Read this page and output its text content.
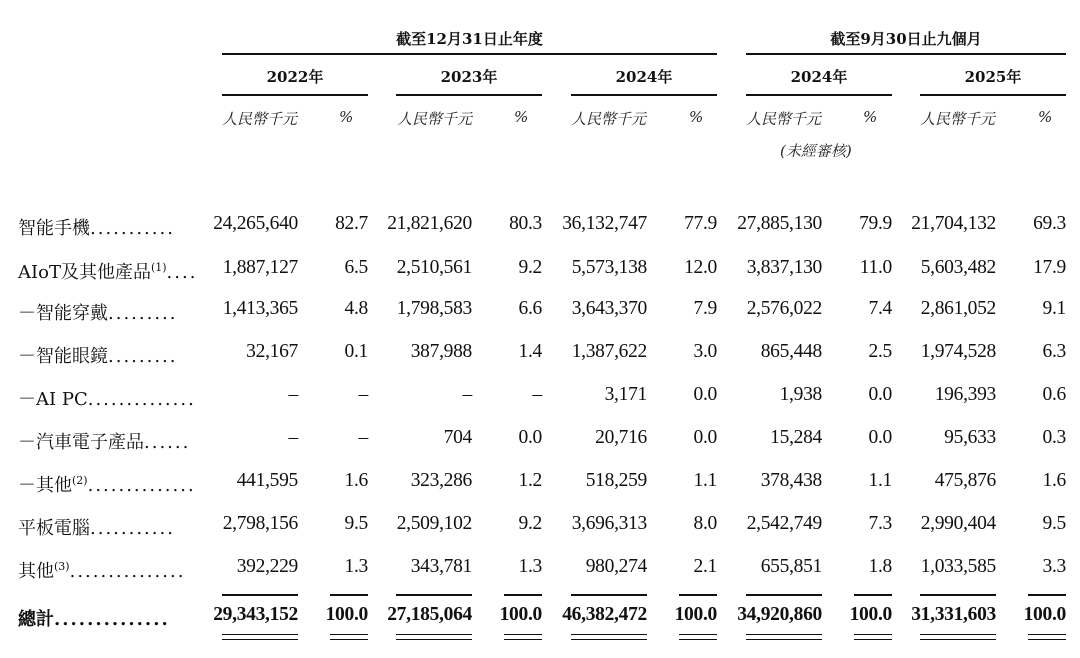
截至12月31日止年度	截至9月30日止九個月
2022年	2023年	2024年	2024年	2025年
人民幣千元	%	人民幣千元	%	人民幣千元	%	人民幣千元	%
(未經審核)
人民幣千元	%
智能手機...........	24,265,640	82.7 21,821,620	80.3	36,132,747	77.9	27,885,130	79.9 21,704,132	69.3
AIoT及其他產品$^{(1)}$....	1,887,127	6.5	2,510,561	9.2	5,573,138	12.0	3,837,130	11.0	5,603,482	17.9
－智能穿戴.........	1,413,365	4.8	1,798,583	6.6	3,643,370	7.9	2,576,022	7.4	2,861,052	9.1
－智能眼鏡.........	32,167	0.1	387,988	1.4	1,387,622	3.0	865,448	2.5	1,974,528	6.3
－AI PC..............	–	–	–	–	3,171	0.0	1,938	0.0	196,393	0.6
－汽車電子產品......	–	–	704	0.0	20,716	0.0	15,284	0.0	95,633	0.3
－其他$^{(2)}$..............	441,595	1.6	323,286	1.2	518,259	1.1	378,438	1.1	475,876	1.6
平板電腦...........	2,798,156	9.5	2,509,102	9.2	3,696,313	8.0	2,542,749	7.3	2,990,404	9.5
其他$^{(3)}$...............	392,229	1.3	343,781	1.3	980,274	2.1	655,851	1.8	1,033,585	3.3
總計..............	29,343,152	100.0 27,185,064	100.0	46,382,472	100.0	34,920,860	100.0 31,331,603	100.0
